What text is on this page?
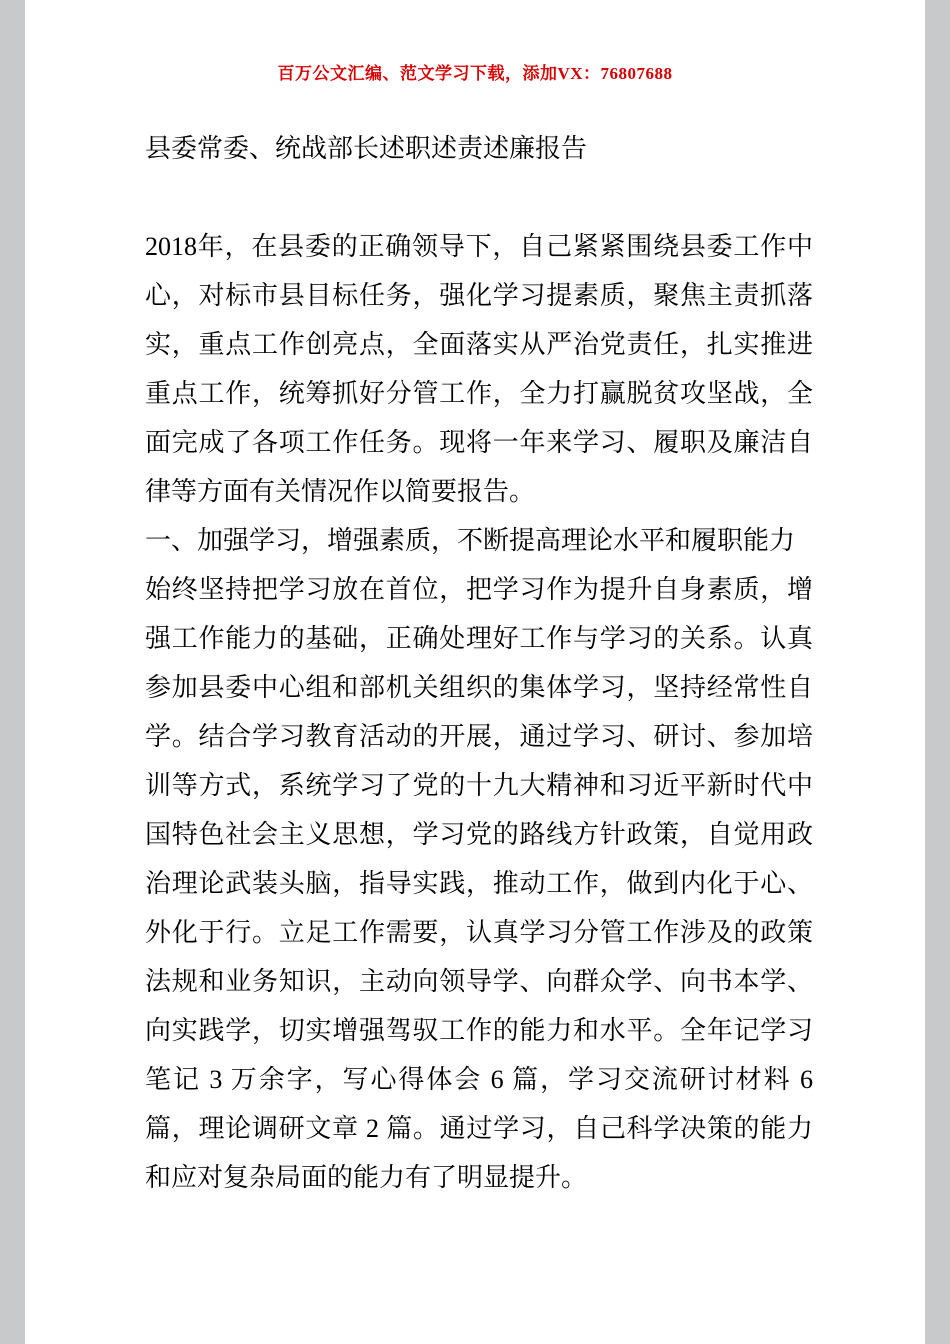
百万公文汇编、范文学习下载，添加VX：76807688
县委常委、统战部长述职述责述廉报告

2018年，在县委的正确领导下，自己紧紧围绕县委工作中心，对标市县目标任务，强化学习提素质，聚焦主责抓落实，重点工作创亮点，全面落实从严治党责任，扎实推进重点工作，统筹抓好分管工作，全力打赢脱贫攻坚战，全面完成了各项工作任务。现将一年来学习、履职及廉洁自律等方面有关情况作以简要报告。

一、加强学习，增强素质，不断提高理论水平和履职能力

始终坚持把学习放在首位，把学习作为提升自身素质，增强工作能力的基础，正确处理好工作与学习的关系。认真参加县委中心组和部机关组织的集体学习，坚持经常性自学。结合学习教育活动的开展，通过学习、研讨、参加培训等方式，系统学习了党的十九大精神和习近平新时代中国特色社会主义思想，学习党的路线方针政策，自觉用政治理论武装头脑，指导实践，推动工作，做到内化于心、外化于行。立足工作需要，认真学习分管工作涉及的政策法规和业务知识，主动向领导学、向群众学、向书本学、向实践学，切实增强驾驭工作的能力和水平。全年记学习笔记 3 万余字，写心得体会 6 篇，学习交流研讨材料 6 篇，理论调研文章 2 篇。通过学习，自己科学决策的能力和应对复杂局面的能力有了明显提升。
